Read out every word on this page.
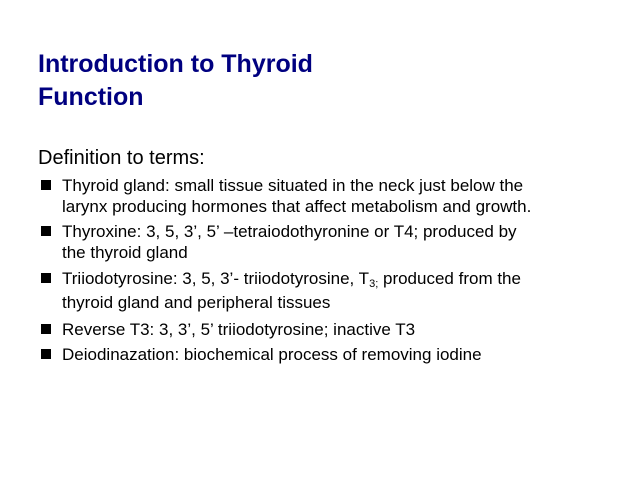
Introduction to Thyroid
Function

Definition to terms:

Thyroid gland: small tissue situated in the neck just below the
larynx producing hormones that affect metabolism and growth.
Thyroxine: 3, 5, 3’, 5’ –tetraiodothyronine or T4; produced by
the thyroid gland
Triiodotyrosine: 3, 5, 3’- triiodotyrosine, $T_{3;}$ produced from the
thyroid gland and peripheral tissues
Reverse T3: 3, 3’, 5’ triiodotyrosine; inactive T3
Deiodinazation: biochemical process of removing iodine
